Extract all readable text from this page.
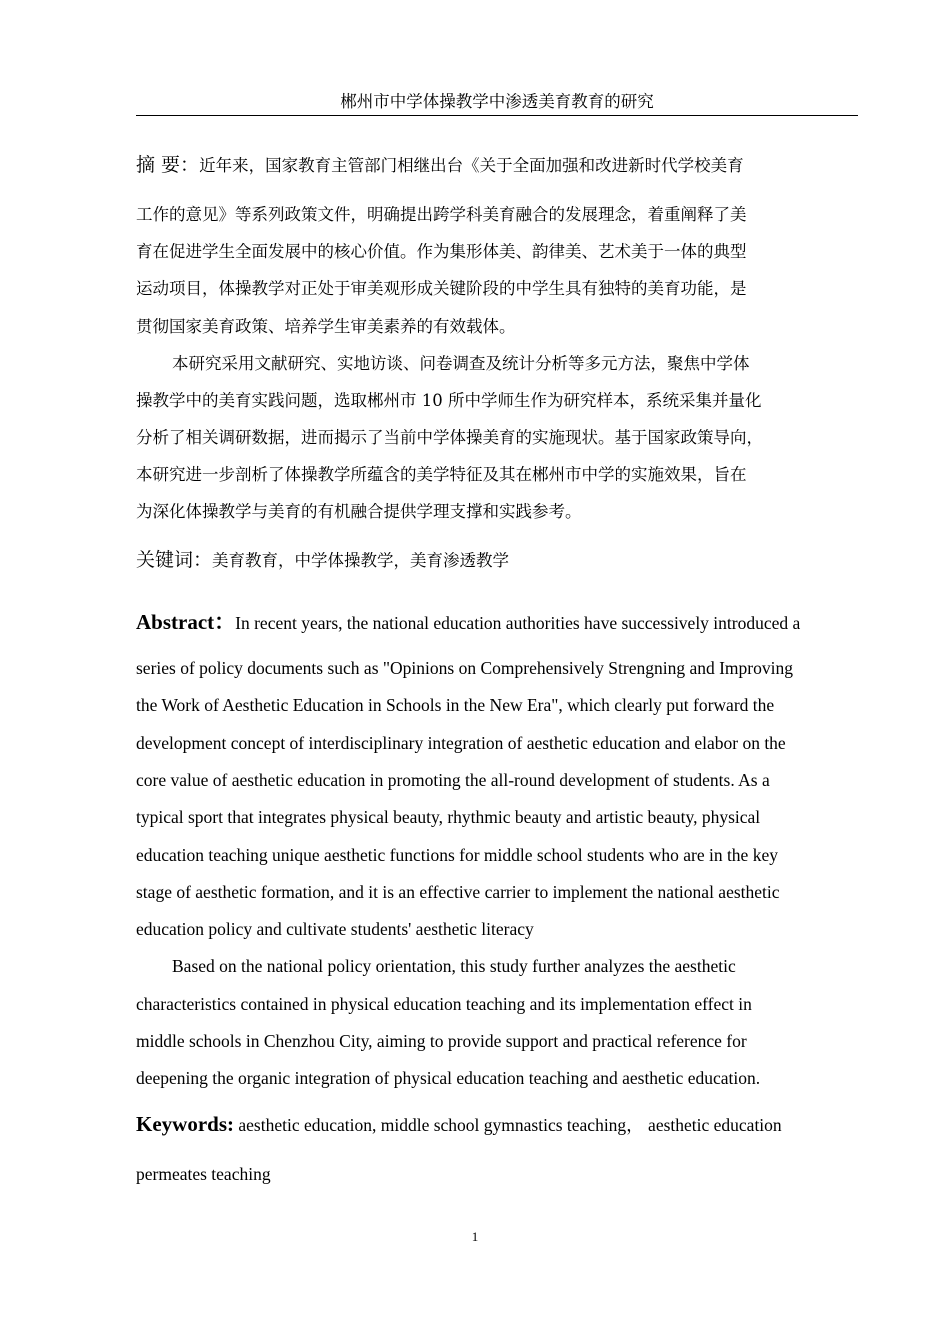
郴州市中学体操教学中渗透美育教育的研究
摘 要：近年来，国家教育主管部门相继出台《关于全面加强和改进新时代学校美育
工作的意见》等系列政策文件，明确提出跨学科美育融合的发展理念，着重阐释了美
育在促进学生全面发展中的核心价值。作为集形体美、韵律美、艺术美于一体的典型
运动项目，体操教学对正处于审美观形成关键阶段的中学生具有独特的美育功能，是
贯彻国家美育政策、培养学生审美素养的有效载体。
本研究采用文献研究、实地访谈、问卷调查及统计分析等多元方法，聚焦中学体
操教学中的美育实践问题，选取郴州市 10 所中学师生作为研究样本，系统采集并量化
分析了相关调研数据，进而揭示了当前中学体操美育的实施现状。基于国家政策导向，
本研究进一步剖析了体操教学所蕴含的美学特征及其在郴州市中学的实施效果，旨在
为深化体操教学与美育的有机融合提供学理支撑和实践参考。
关键词：美育教育，中学体操教学，美育渗透教学
Abstract：In recent years, the national education authorities have successively introduced a
series of policy documents such as "Opinions on Comprehensively Strengning and Improving
the Work of Aesthetic Education in Schools in the New Era", which clearly put forward the
development concept of interdisciplinary integration of aesthetic education and elabor on the
core value of aesthetic education in promoting the all-round development of students. As a
typical sport that integrates physical beauty, rhythmic beauty and artistic beauty, physical
education teaching unique aesthetic functions for middle school students who are in the key
stage of aesthetic formation, and it is an effective carrier to implement the national aesthetic
education policy and cultivate students' aesthetic literacy
Based on the national policy orientation, this study further analyzes the aesthetic
characteristics contained in physical education teaching and its implementation effect in
middle schools in Chenzhou City, aiming to provide support and practical reference for
deepening the organic integration of physical education teaching and aesthetic education.
Keywords: aesthetic education, middle school gymnastics teaching， aesthetic education
permeates teaching
1
